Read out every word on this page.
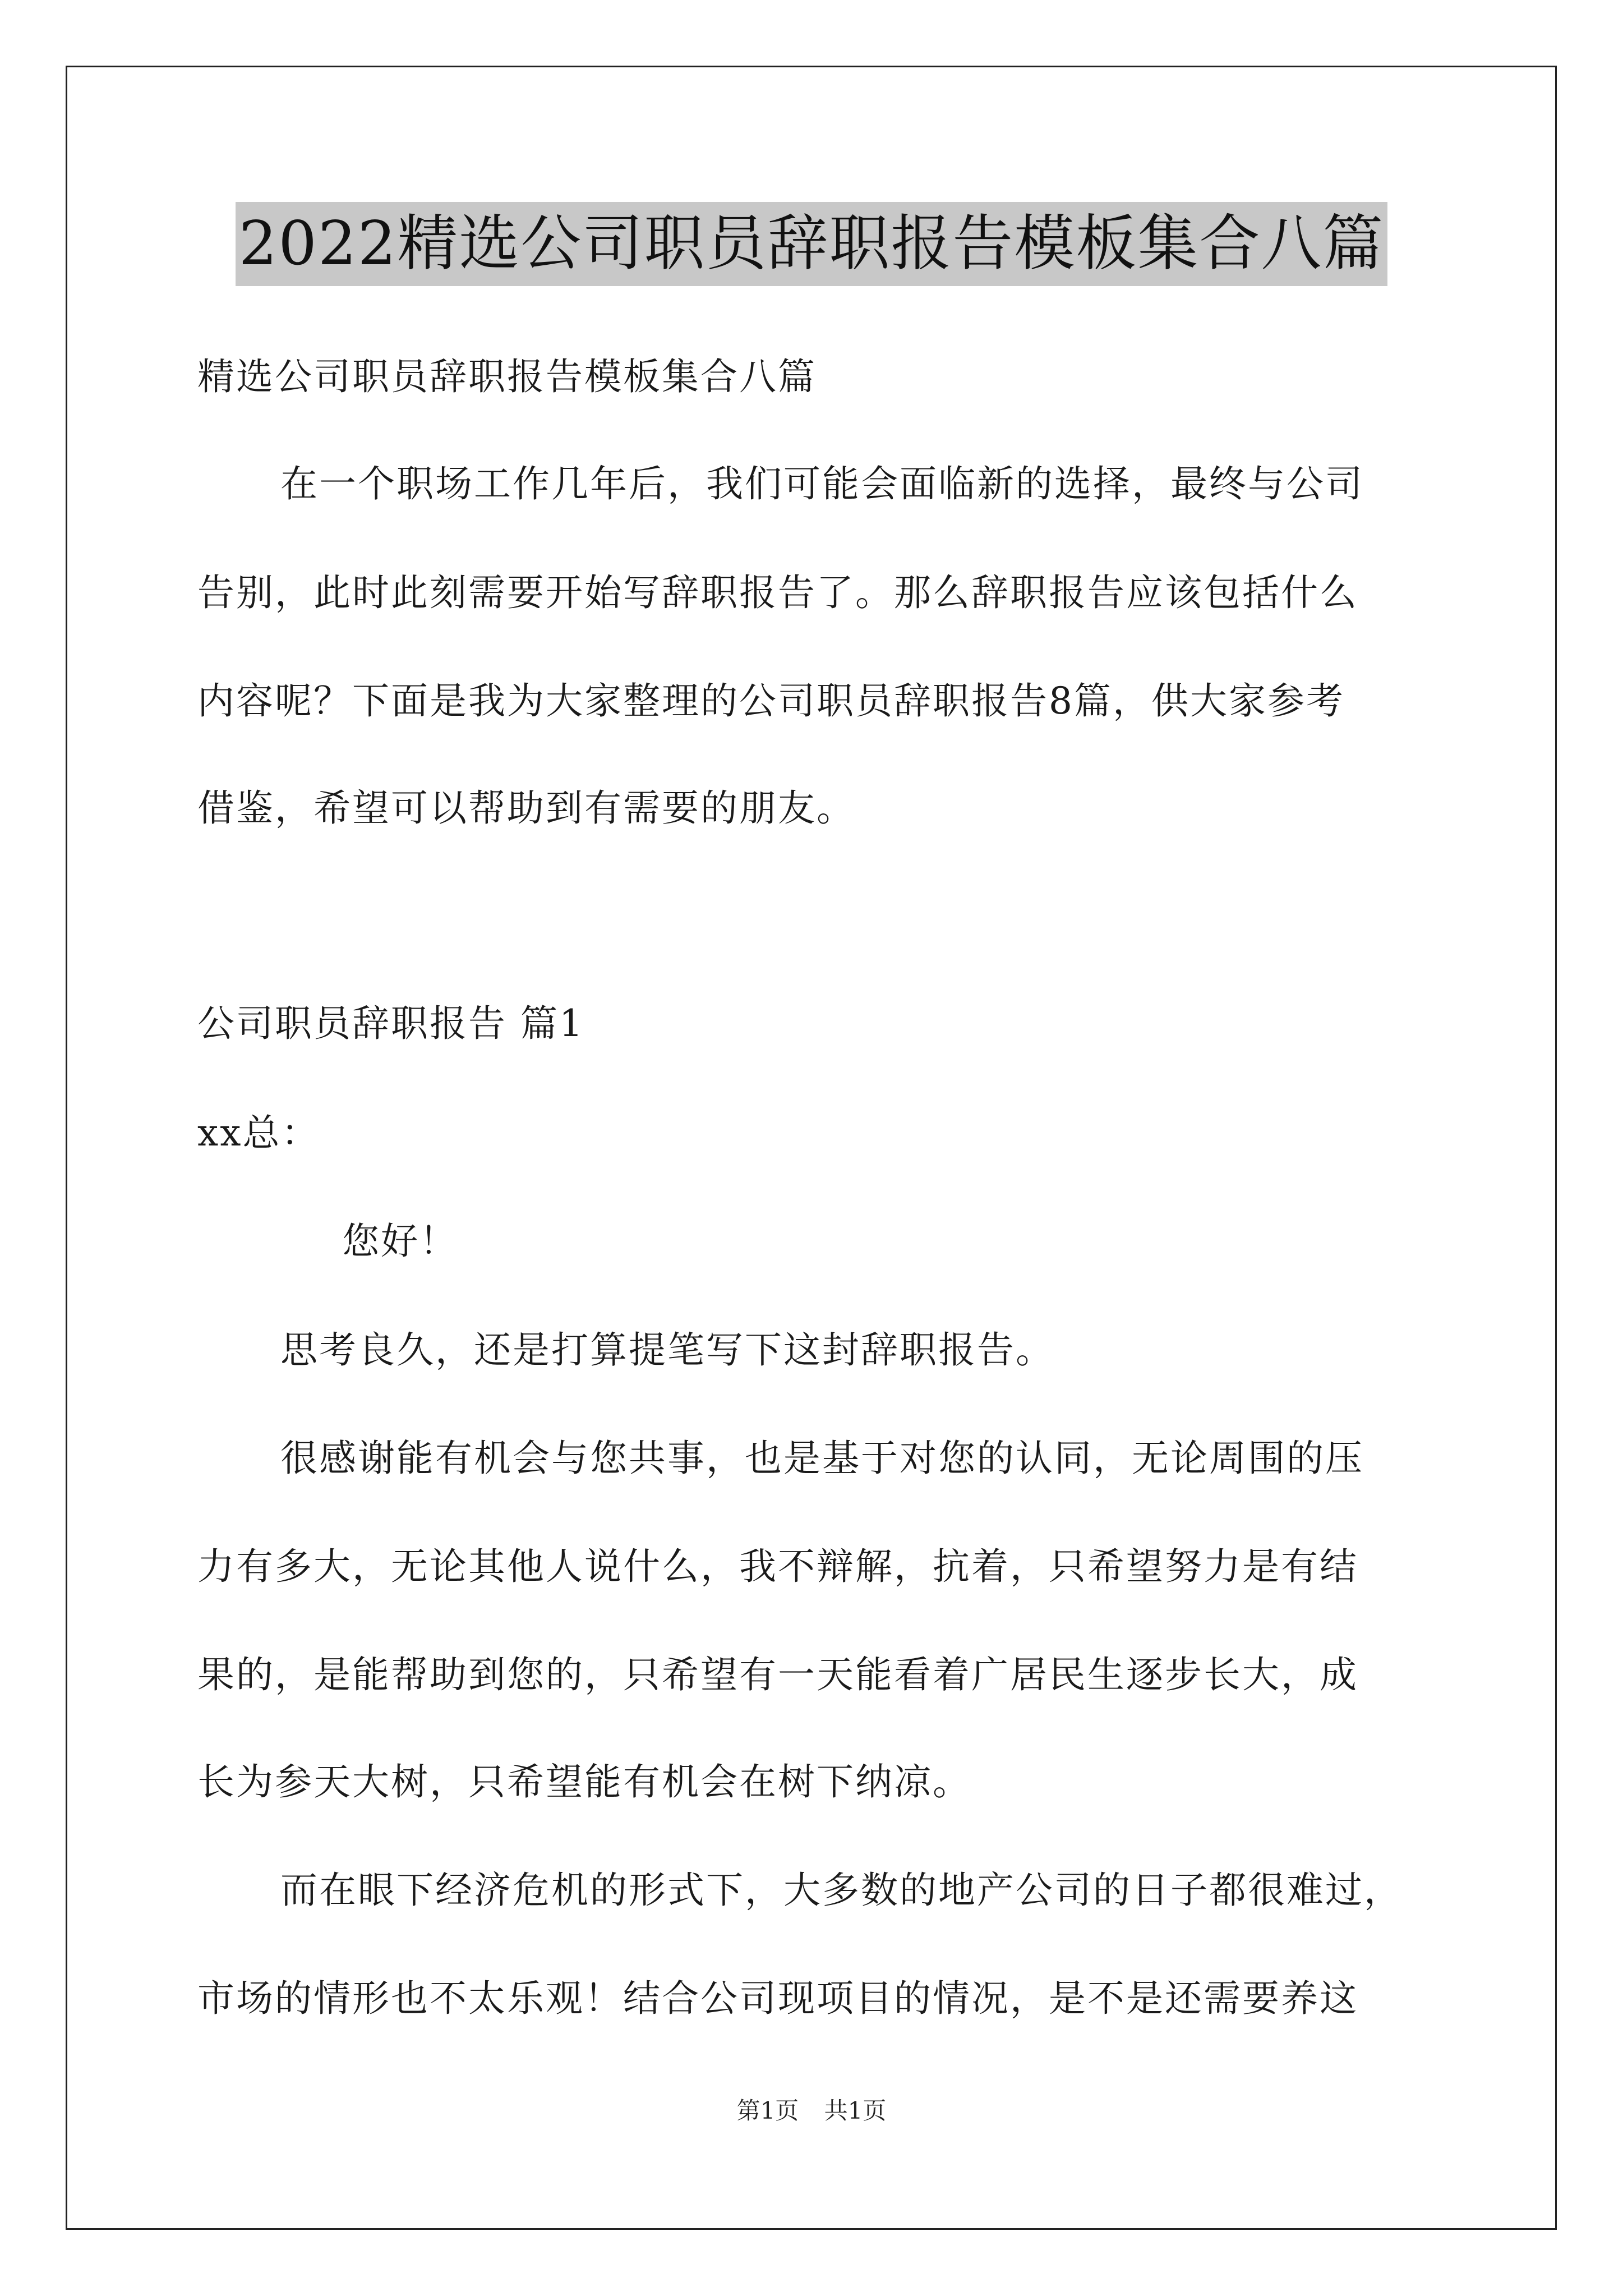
2022精选公司职员辞职报告模板集合八篇
精选公司职员辞职报告模板集合八篇
在一个职场工作几年后，我们可能会面临新的选择，最终与公司
告别，此时此刻需要开始写辞职报告了。那么辞职报告应该包括什么
内容呢？下面是我为大家整理的公司职员辞职报告8篇，供大家参考
借鉴，希望可以帮助到有需要的朋友。
公司职员辞职报告 篇1
xx总：
您好！
思考良久，还是打算提笔写下这封辞职报告。
很感谢能有机会与您共事，也是基于对您的认同，无论周围的压
力有多大，无论其他人说什么，我不辩解，抗着，只希望努力是有结
果的，是能帮助到您的，只希望有一天能看着广居民生逐步长大，成
长为参天大树，只希望能有机会在树下纳凉。
而在眼下经济危机的形式下，大多数的地产公司的日子都很难过，
市场的情形也不太乐观！结合公司现项目的情况，是不是还需要养这
第1页 共1页
